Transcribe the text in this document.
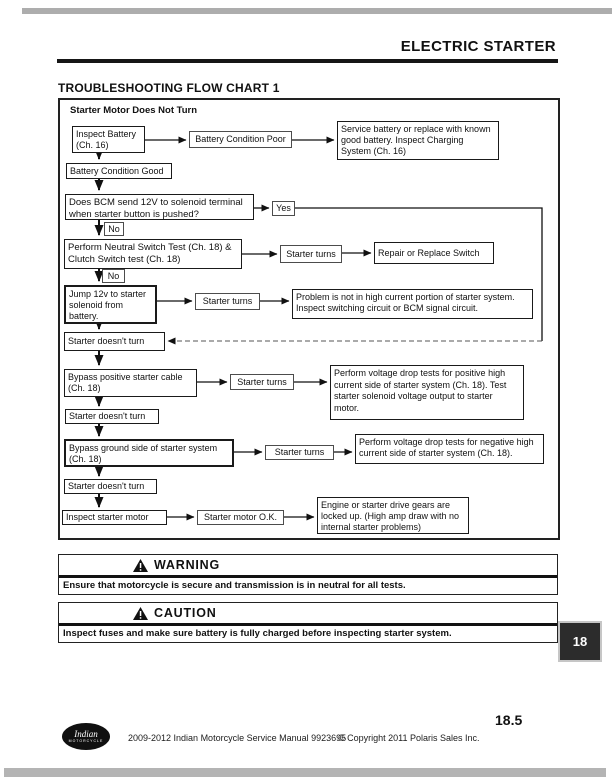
ELECTRIC STARTER
TROUBLESHOOTING FLOW CHART 1
Starter Motor Does Not Turn
Inspect Battery (Ch. 16)
Battery Condition Poor
Service battery or replace with known good battery. Inspect Charging System (Ch. 16)
Battery Condition Good
Does BCM send 12V to solenoid terminal when starter button is pushed?
Yes
No
Perform Neutral Switch Test (Ch. 18) & Clutch Switch test (Ch. 18)
Starter turns	Repair or Replace Switch
No
Jump 12v to starter solenoid from battery.
Starter turns	Problem is not in high current portion of starter system. Inspect switching circuit or BCM signal circuit.
Starter doesn't turn
Bypass positive starter cable (Ch. 18)
Starter turns
Perform voltage drop tests for positive high current side of starter system (Ch. 18). Test starter solenoid voltage output to starter motor.
Starter doesn't turn
Bypass ground side of starter system (Ch. 18)
Starter turns
Perform voltage drop tests for negative high current side of starter system (Ch. 18).
Starter doesn't turn
Inspect starter motor	Starter motor O.K.
Engine or starter drive gears are locked up. (High amp draw with no internal starter problems)
WARNING
Ensure that motorcycle is secure and transmission is in neutral for all tests.
CAUTION
Inspect fuses and make sure battery is fully charged before inspecting starter system.
18
Indian
MOTORCYCLE	2009-2012 Indian Motorcycle Service Manual 9923695
© Copyright 2011 Polaris Sales Inc.
18.5
